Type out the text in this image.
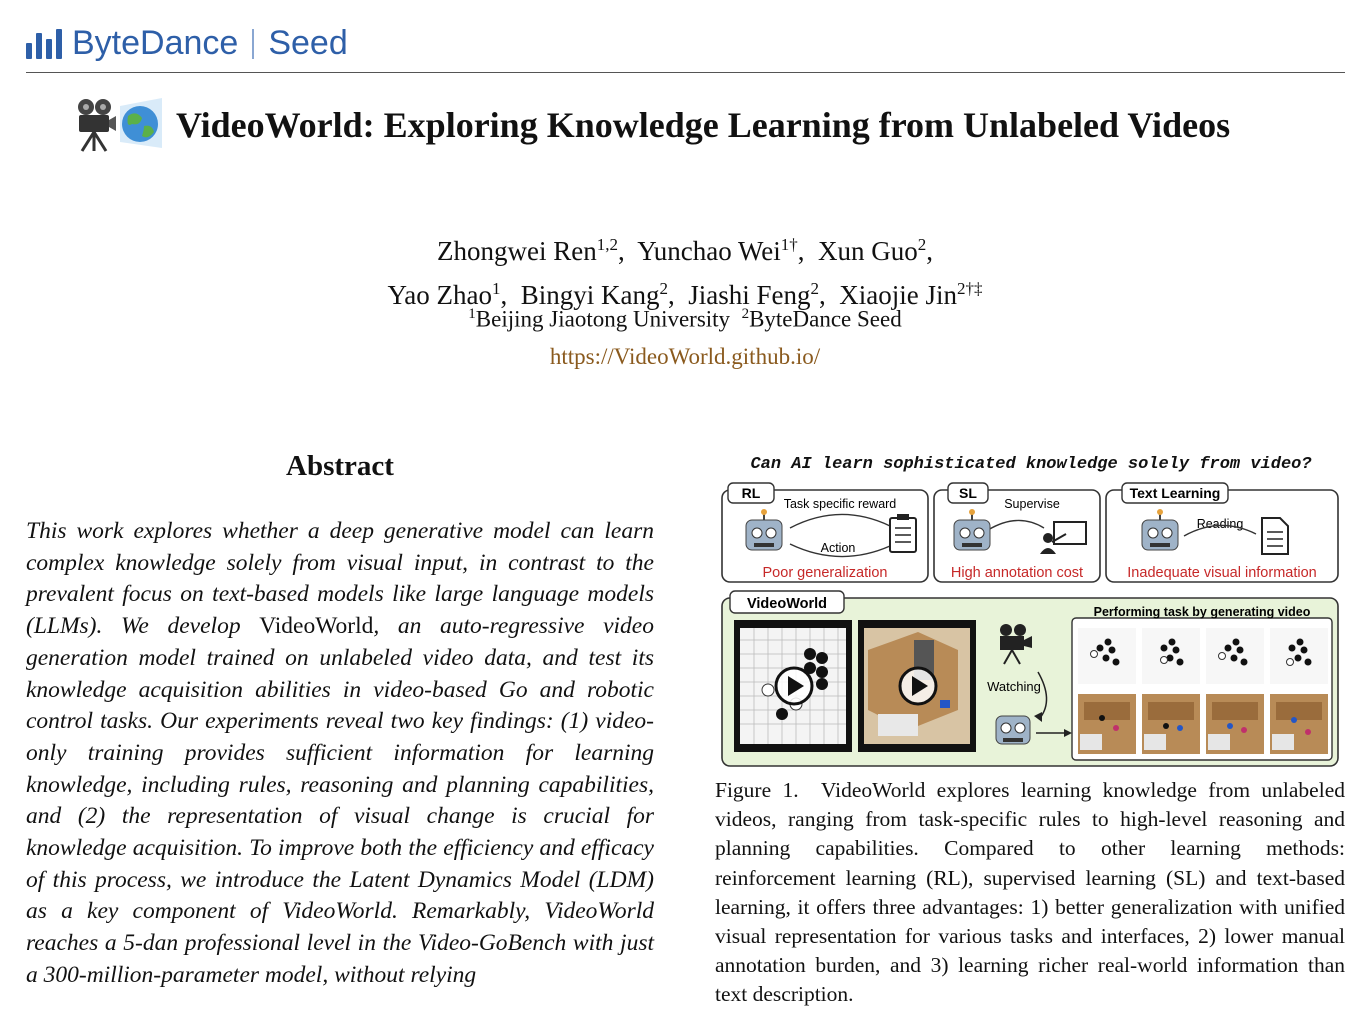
ByteDance Seed
VideoWorld: Exploring Knowledge Learning from Unlabeled Videos
Zhongwei Ren$^{1,2}$,  Yunchao Wei$^{1\dagger}$,  Xun Guo$^2$,
Yao Zhao$^1$,  Bingyi Kang$^2$,  Jiashi Feng$^2$,  Xiaojie Jin$^{2\dagger\ddagger}$
$^1$Beijing Jiaotong University $^2$ByteDance Seed
https://VideoWorld.github.io/
Abstract

This work explores whether a deep generative model can learn complex knowledge solely from visual input, in contrast to the prevalent focus on text-based models like large language models (LLMs). We develop VideoWorld, an auto-regressive video generation model trained on unlabeled video data, and test its knowledge acquisition abilities in video-based Go and robotic control tasks. Our experiments reveal two key findings: (1) video-only training provides sufficient information for learning knowledge, including rules, reasoning and planning capabilities, and (2) the representation of visual change is crucial for knowledge acquisition. To improve both the efficiency and efficacy of this process, we introduce the Latent Dynamics Model (LDM) as a key component of VideoWorld. Remarkably, VideoWorld reaches a 5-dan professional level in the Video-GoBench with just a 300-million-parameter model, without relying

Can AI learn sophisticated knowledge solely from video?
RL
Task specific reward
Action
Poor generalization
SL
Supervise
High annotation cost
Text Learning
Reading
Inadequate visual information
VideoWorld
Watching
Performing task by generating video

Figure 1. VideoWorld explores learning knowledge from unlabeled videos, ranging from task-specific rules to high-level reasoning and planning capabilities. Compared to other learning methods: reinforcement learning (RL), supervised learning (SL) and text-based learning, it offers three advantages: 1) better generalization with unified visual representation for various tasks and interfaces, 2) lower manual annotation burden, and 3) learning richer real-world information than text description.
